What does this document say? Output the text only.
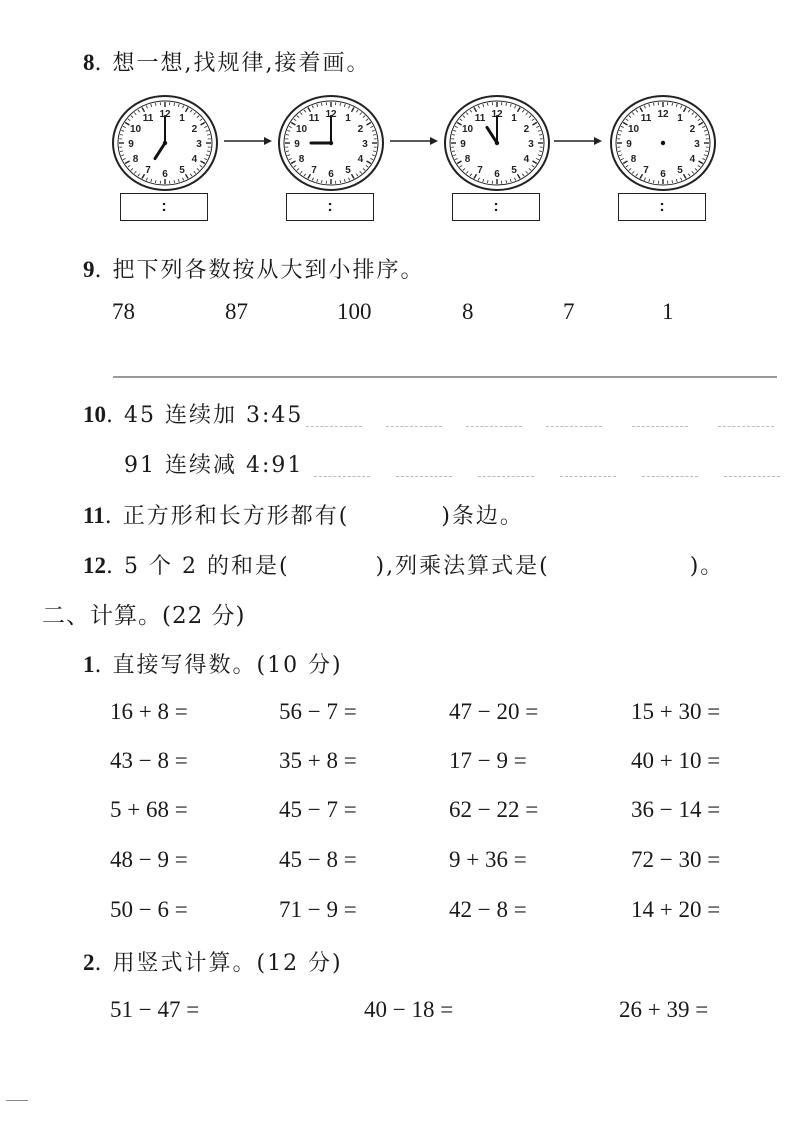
8. 想一想,找规律,接着画。
1
2
3
4
5
6
7
8
9
10
11 12	1
2
3
4
5
6
7
8
9
10
11 12	1
2
3
4
5
6
7
8
9
10
11 12	1
2
3
4
5
6
7
8
9
10
11 12
:	:	:	:
9. 把下列各数按从大到小排序。
78	87	100	8	7	1
10. 45 连续加 3:45
91 连续减 4:91
11. 正方形和长方形都有(	)条边。
12. 5 个 2 的和是(	),列乘法算式是(	)。
二、计算。(22 分)
1. 直接写得数。(10 分)
16 + 8 =	56 − 7 =	47 − 20 =	15 + 30 =
43 − 8 =	35 + 8 =	17 − 9 =	40 + 10 =
5 + 68 =	45 − 7 =	62 − 22 =	36 − 14 =
48 − 9 =	45 − 8 =	9 + 36 =	72 − 30 =
50 − 6 =	71 − 9 =	42 − 8 =	14 + 20 =
2. 用竖式计算。(12 分)
51 − 47 =	40 − 18 =	26 + 39 =
